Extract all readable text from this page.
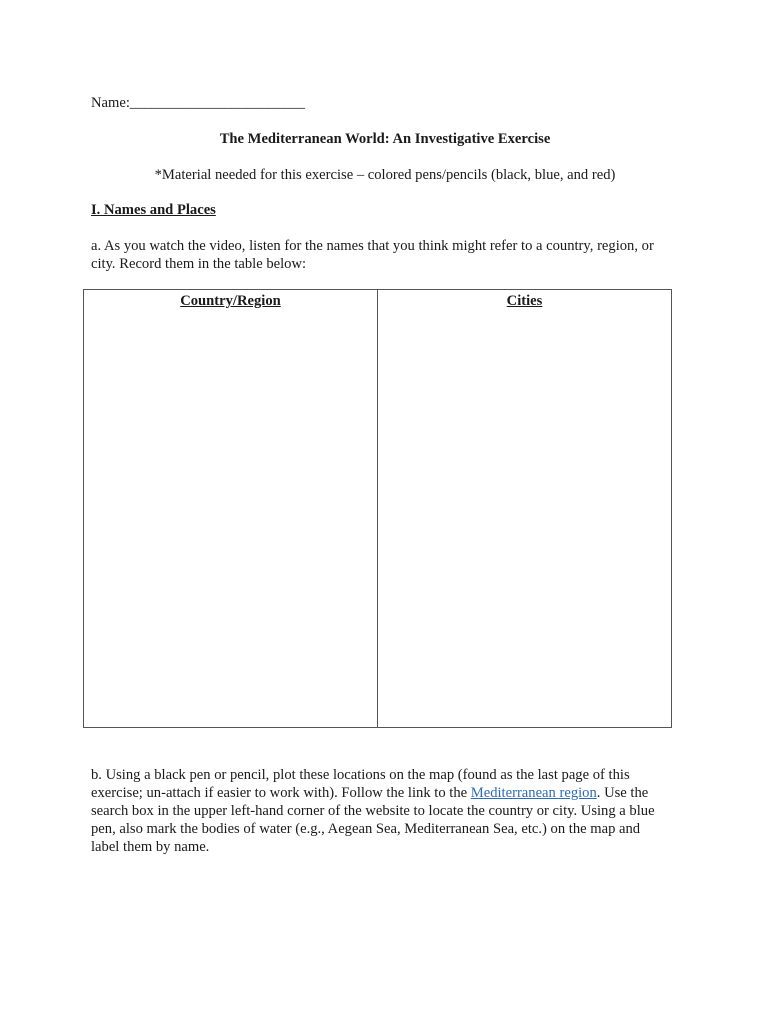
Name:________________________
The Mediterranean World: An Investigative Exercise
*Material needed for this exercise – colored pens/pencils (black, blue, and red)
I. Names and Places
a. As you watch the video, listen for the names that you think might refer to a country, region, or
city. Record them in the table below:
Country/Region	Cities
b. Using a black pen or pencil, plot these locations on the map (found as the last page of this
exercise; un-attach if easier to work with). Follow the link to the Mediterranean region. Use the
search box in the upper left-hand corner of the website to locate the country or city. Using a blue
pen, also mark the bodies of water (e.g., Aegean Sea, Mediterranean Sea, etc.) on the map and
label them by name.
